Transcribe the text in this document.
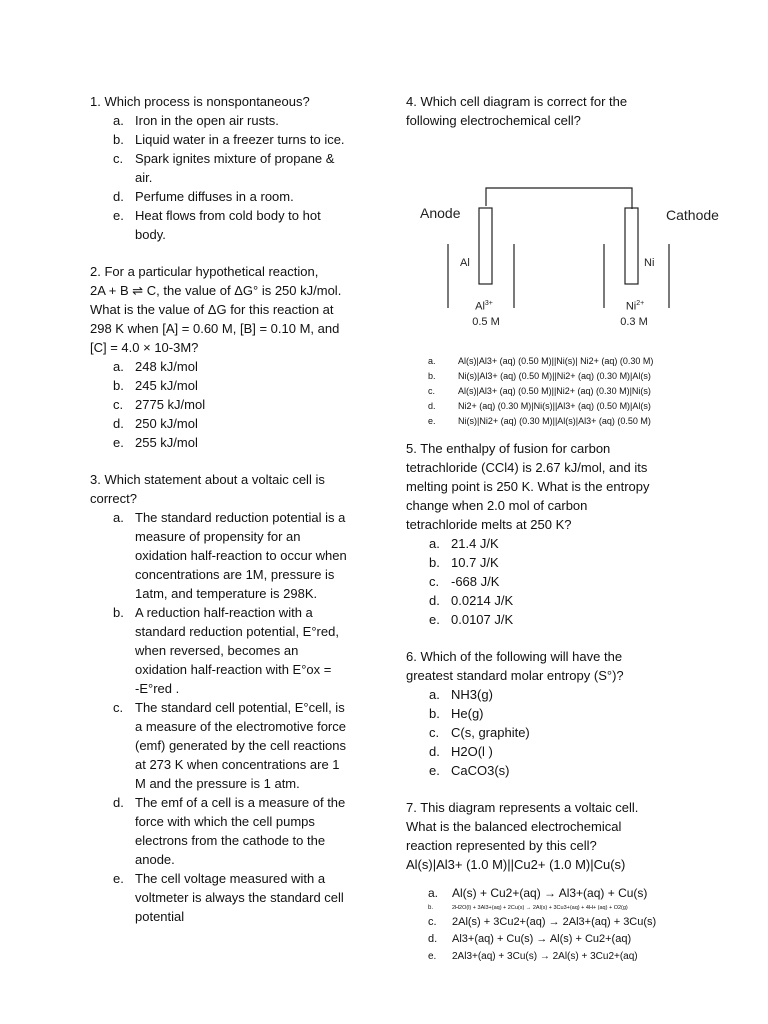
1. Which process is nonspontaneous?
a. Iron in the open air rusts.
b. Liquid water in a freezer turns to ice.
c. Spark ignites mixture of propane &
air.
d. Perfume diffuses in a room.
e. Heat flows from cold body to hot
body.
2. For a particular hypothetical reaction,
2A + B ⇌ C, the value of ΔG° is 250 kJ/mol.
What is the value of ΔG for this reaction at
298 K when [A] = 0.60 M, [B] = 0.10 M, and
[C] = 4.0 × 10-3M?
a. 248 kJ/mol
b. 245 kJ/mol
c. 2775 kJ/mol
d. 250 kJ/mol
e. 255 kJ/mol
3. Which statement about a voltaic cell is
correct?
a. The standard reduction potential is a
measure of propensity for an
oxidation half-reaction to occur when
concentrations are 1M, pressure is
1atm, and temperature is 298K.
b. A reduction half-reaction with a
standard reduction potential, E°red,
when reversed, becomes an
oxidation half-reaction with E°ox =
-E°red .
c. The standard cell potential, E°cell, is
a measure of the electromotive force
(emf) generated by the cell reactions
at 273 K when concentrations are 1
M and the pressure is 1 atm.
d. The emf of a cell is a measure of the
force with which the cell pumps
electrons from the cathode to the
anode.
e. The cell voltage measured with a
voltmeter is always the standard cell
potential
4. Which cell diagram is correct for the
following electrochemical cell?
Anode	Cathode
Al	Ni
$Al^{3+}$
0.5 M
$Ni^{2+}$
0.3 M
a.	Al(s)|Al3+ (aq) (0.50 M)||Ni(s)| Ni2+ (aq) (0.30 M)
b.	Ni(s)|Al3+ (aq) (0.50 M)||Ni2+ (aq) (0.30 M)|Al(s)
c.	Al(s)|Al3+ (aq) (0.50 M)||Ni2+ (aq) (0.30 M)|Ni(s)
d.	Ni2+ (aq) (0.30 M)|Ni(s)||Al3+ (aq) (0.50 M)|Al(s)
e.	Ni(s)|Ni2+ (aq) (0.30 M)||Al(s)|Al3+ (aq) (0.50 M)
5. The enthalpy of fusion for carbon
tetrachloride (CCl4) is 2.67 kJ/mol, and its
melting point is 250 K. What is the entropy
change when 2.0 mol of carbon
tetrachloride melts at 250 K?
a. 21.4 J/K
b. 10.7 J/K
c. -668 J/K
d. 0.0214 J/K
e. 0.0107 J/K
6. Which of the following will have the
greatest standard molar entropy (S°)?
a. NH3(g)
b. He(g)
c. C(s, graphite)
d. H2O(l )
e. CaCO3(s)
7. This diagram represents a voltaic cell.
What is the balanced electrochemical
reaction represented by this cell?
Al(s)|Al3+ (1.0 M)||Cu2+ (1.0 M)|Cu(s)
a.	Al(s) + Cu2+(aq) → Al3+(aq) + Cu(s)
b.	2H2O(l) + 3Al3+(aq) + 2Cu(s) → 2Al(s) + 3Cu3+(aq) + 4H+ (aq) + O2(g)
c.	2Al(s) + 3Cu2+(aq) → 2Al3+(aq) + 3Cu(s)
d.	Al3+(aq) + Cu(s) → Al(s) + Cu2+(aq)
e.	2Al3+(aq) + 3Cu(s) → 2Al(s) + 3Cu2+(aq)
